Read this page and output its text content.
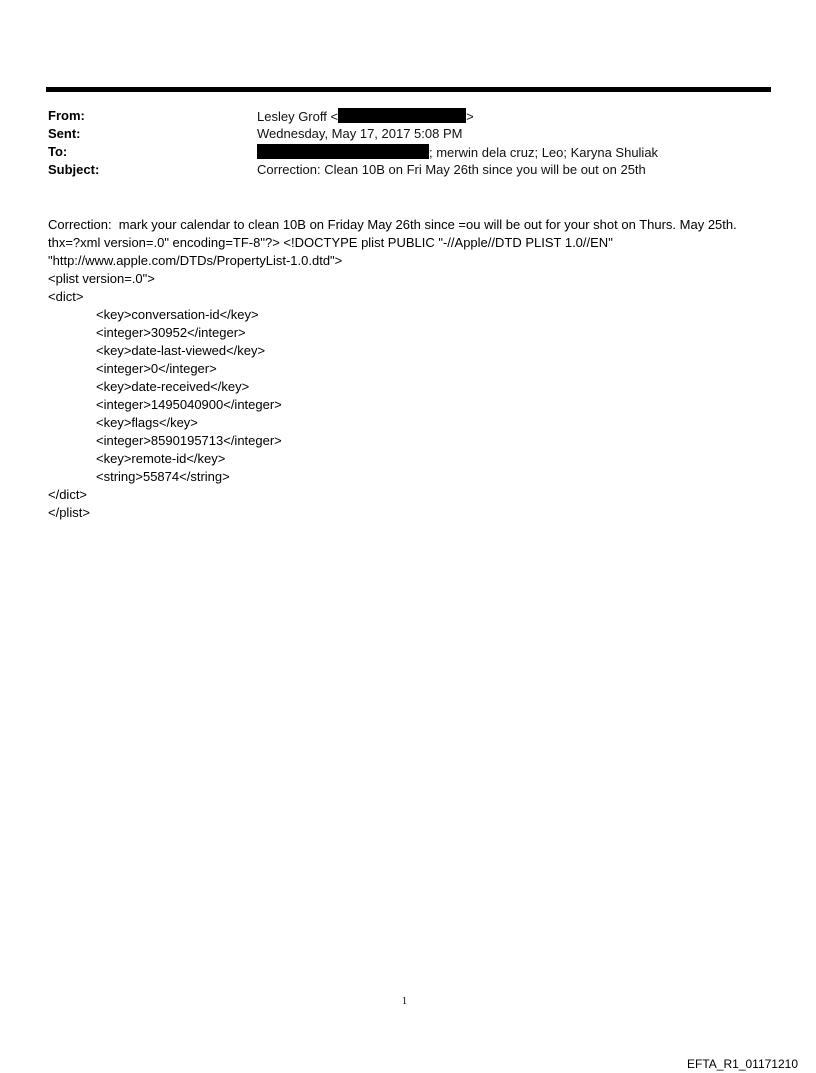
From:	Lesley Groff <	>
Sent:	Wednesday, May 17, 2017 5:08 PM
To:	; merwin dela cruz; Leo; Karyna Shuliak
Subject:	Correction: Clean 10B on Fri May 26th since you will be out on 25th

Correction:  mark your calendar to clean 10B on Friday May 26th since =ou will be out for your shot on Thurs. May 25th.

thx=?xml version=.0" encoding=TF-8"?> <!DOCTYPE plist PUBLIC "-//Apple//DTD PLIST 1.0//EN"

"http://www.apple.com/DTDs/PropertyList-1.0.dtd">

<plist version=.0">

<dict>

<key>conversation-id</key>

<integer>30952</integer>

<key>date-last-viewed</key>

<integer>0</integer>

<key>date-received</key>

<integer>1495040900</integer>

<key>flags</key>

<integer>8590195713</integer>

<key>remote-id</key>

<string>55874</string>

</dict>

</plist>

1
EFTA_R1_01171210
